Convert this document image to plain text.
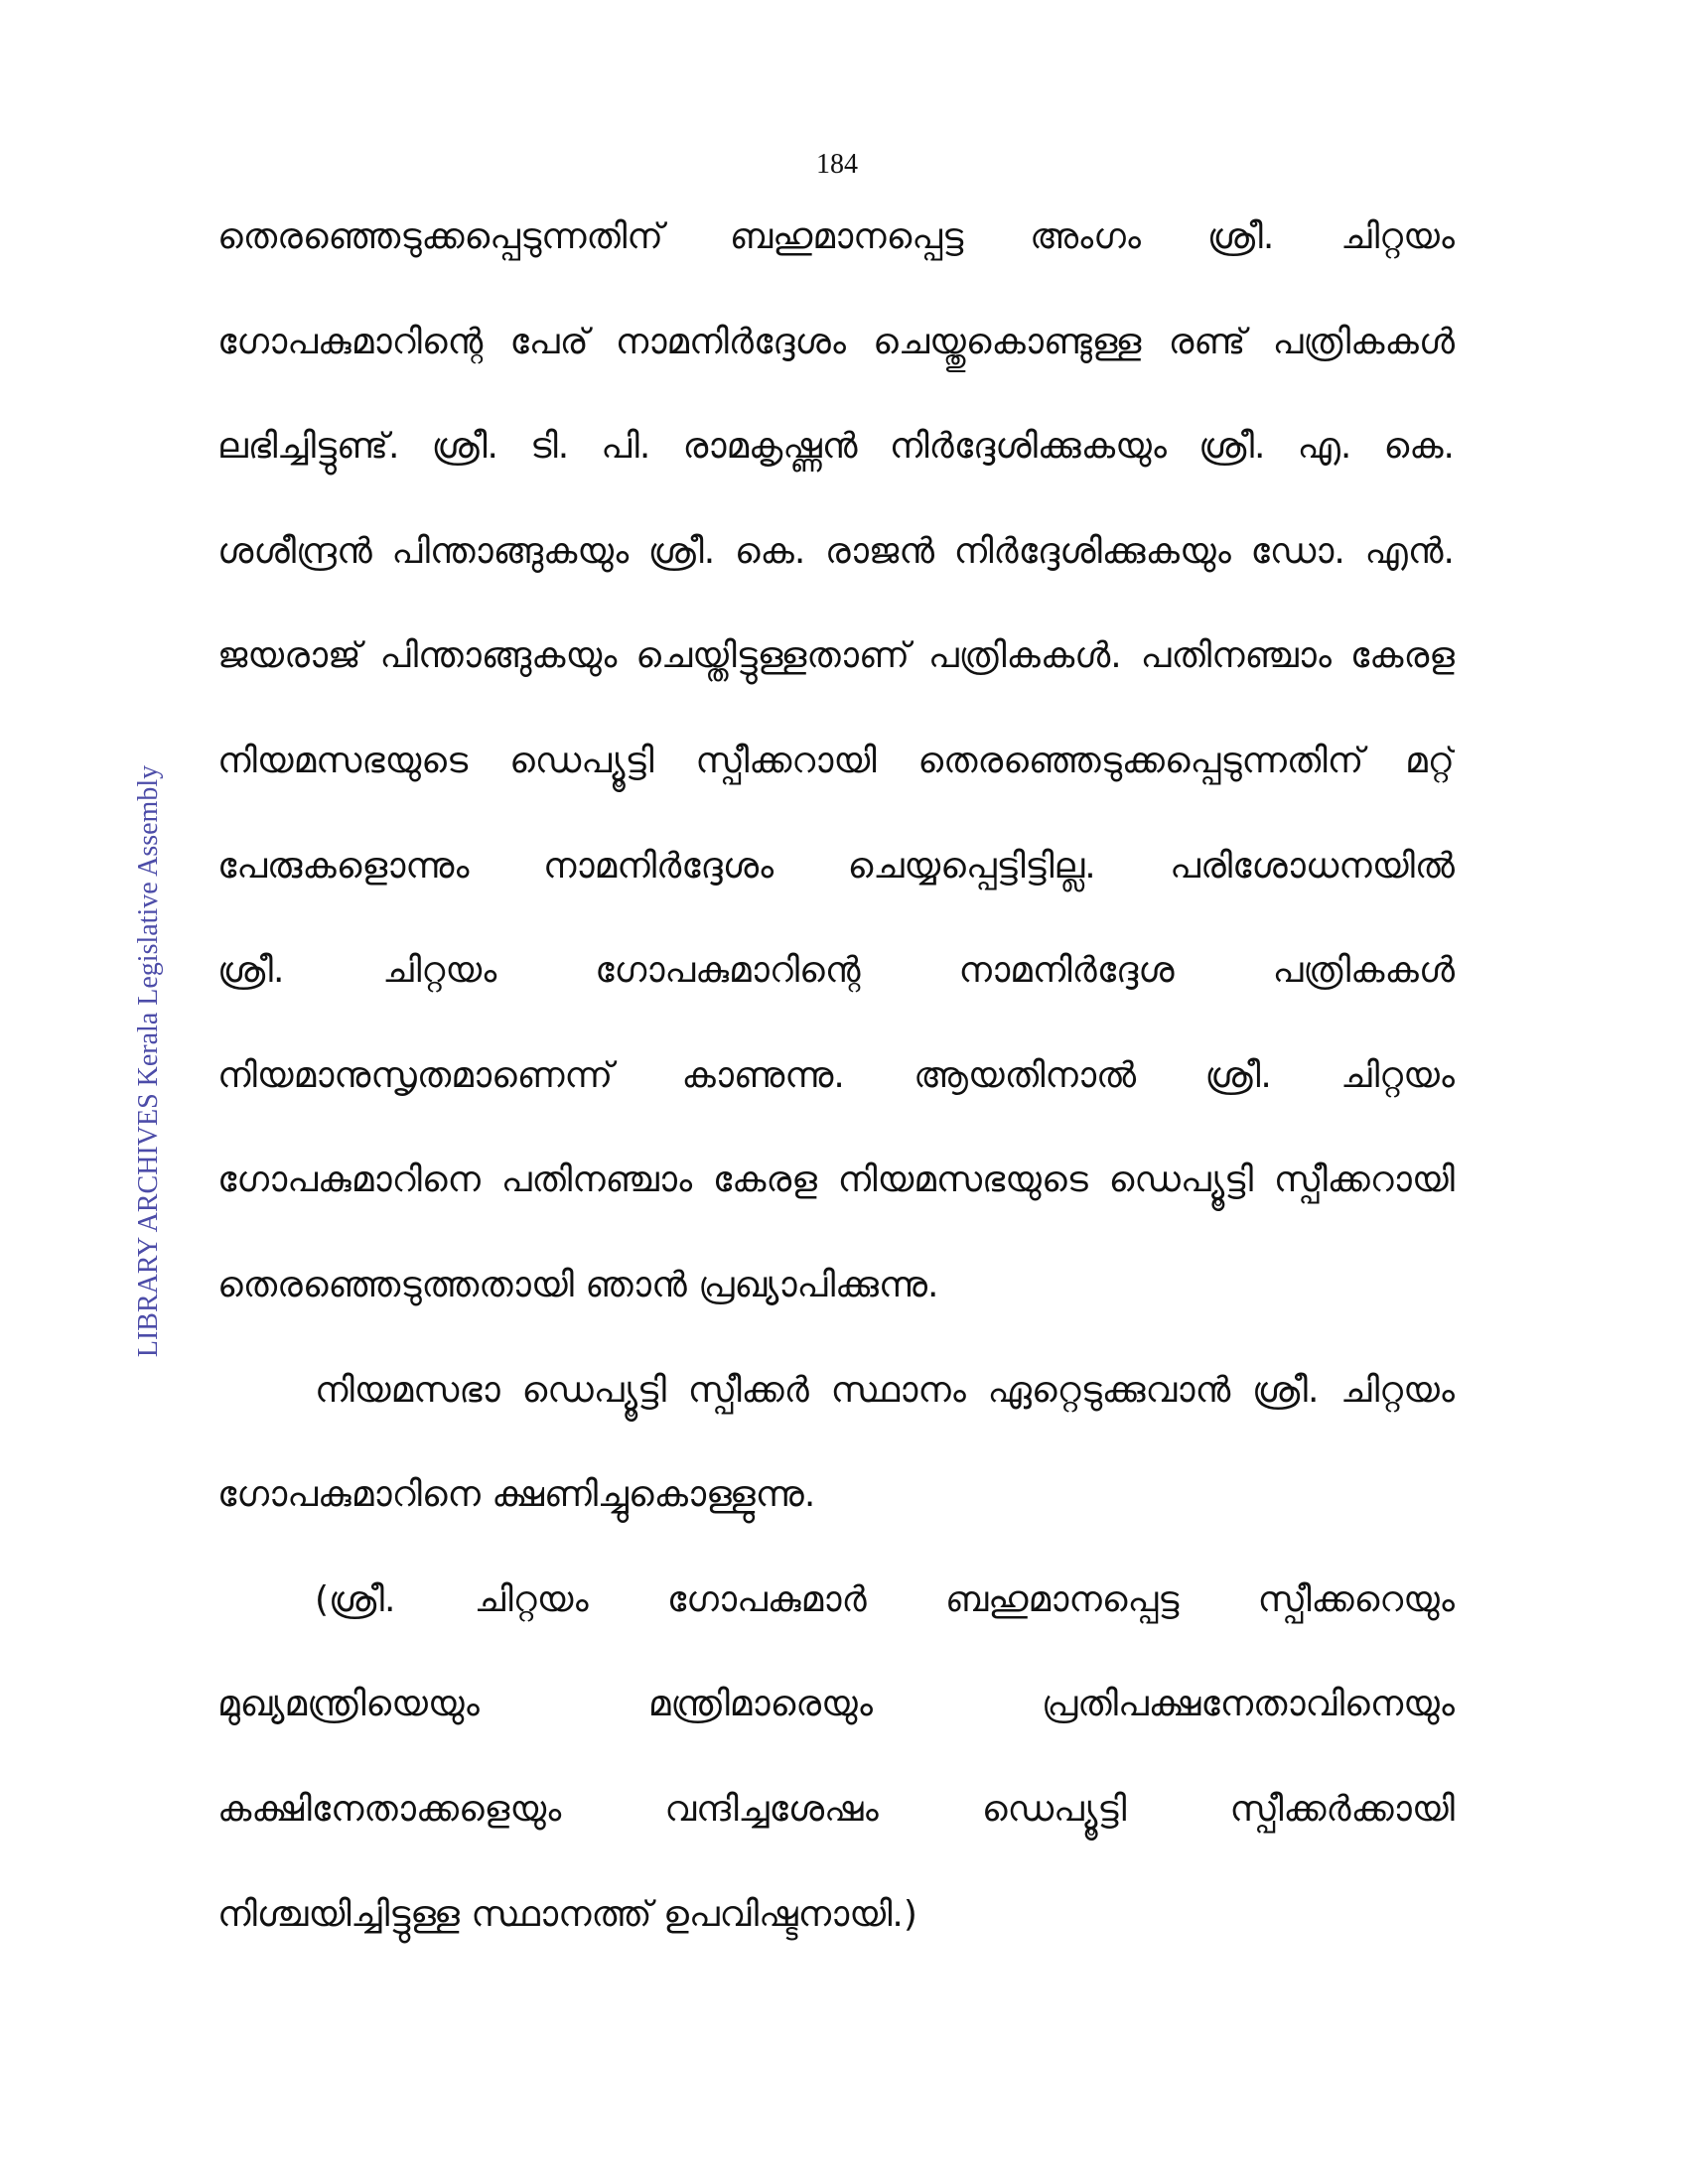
184
LIBRARY ARCHIVES Kerala Legislative Assembly
തെരഞ്ഞെടുക്കപ്പെടുന്നതിന് ബഹുമാനപ്പെട്ട അംഗം ശ്രീ. ചിറ്റയം
ഗോപകുമാറിന്റെ പേര് നാമനിർദ്ദേശം ചെയ്തുകൊണ്ടുള്ള രണ്ട് പത്രികകൾ
ലഭിച്ചിട്ടുണ്ട്. ശ്രീ. ടി. പി. രാമകൃഷ്ണൻ നിർദ്ദേശിക്കുകയും ശ്രീ. എ. കെ.
ശശീന്ദ്രൻ പിന്താങ്ങുകയും ശ്രീ. കെ. രാജൻ നിർദ്ദേശിക്കുകയും ഡോ. എൻ.
ജയരാജ് പിന്താങ്ങുകയും ചെയ്തിട്ടുള്ളതാണ് പത്രികകൾ. പതിനഞ്ചാം കേരള
നിയമസഭയുടെ ഡെപ്യൂട്ടി സ്പീക്കറായി തെരഞ്ഞെടുക്കപ്പെടുന്നതിന് മറ്റ്
പേരുകളൊന്നും നാമനിർദ്ദേശം ചെയ്യപ്പെട്ടിട്ടില്ല. പരിശോധനയിൽ
ശ്രീ. ചിറ്റയം ഗോപകുമാറിന്റെ നാമനിർദ്ദേശ പത്രികകൾ
നിയമാനുസൃതമാണെന്ന് കാണുന്നു. ആയതിനാൽ ശ്രീ. ചിറ്റയം
ഗോപകുമാറിനെ പതിനഞ്ചാം കേരള നിയമസഭയുടെ ഡെപ്യൂട്ടി സ്പീക്കറായി
തെരഞ്ഞെടുത്തതായി ഞാൻ പ്രഖ്യാപിക്കുന്നു.
നിയമസഭാ ഡെപ്യൂട്ടി സ്പീക്കർ സ്ഥാനം ഏറ്റെടുക്കുവാൻ ശ്രീ. ചിറ്റയം
ഗോപകുമാറിനെ ക്ഷണിച്ചുകൊള്ളുന്നു.
(ശ്രീ. ചിറ്റയം ഗോപകുമാർ ബഹുമാനപ്പെട്ട സ്പീക്കറെയും
മുഖ്യമന്ത്രിയെയും മന്ത്രിമാരെയും പ്രതിപക്ഷനേതാവിനെയും
കക്ഷിനേതാക്കളെയും വന്ദിച്ചശേഷം ഡെപ്യൂട്ടി സ്പീക്കർക്കായി
നിശ്ചയിച്ചിട്ടുള്ള സ്ഥാനത്ത് ഉപവിഷ്ടനായി.)
